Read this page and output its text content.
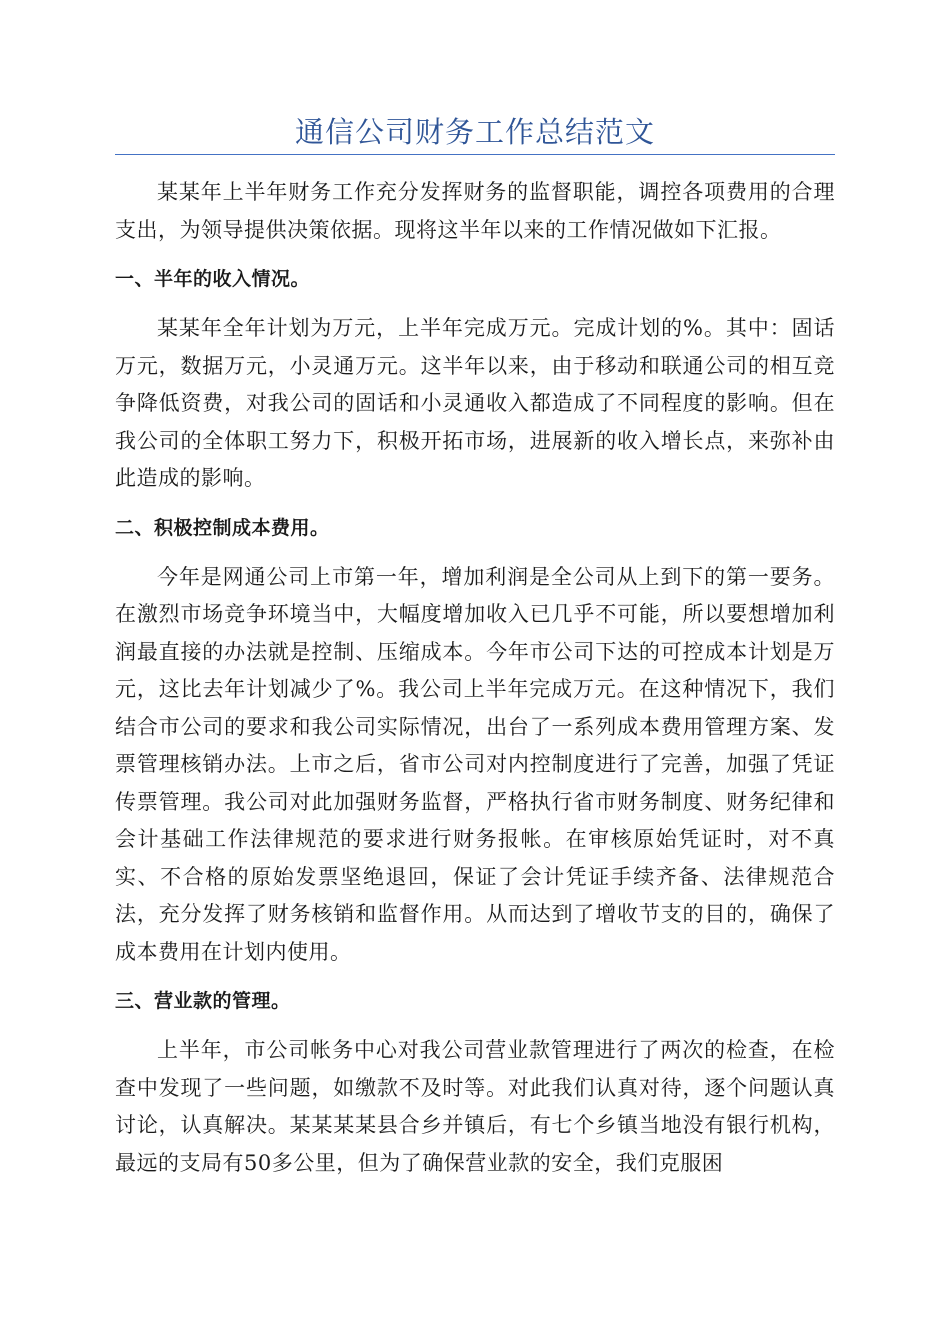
通信公司财务工作总结范文

某某年上半年财务工作充分发挥财务的监督职能，调控各项费用的合理支出，为领导提供决策依据。现将这半年以来的工作情况做如下汇报。

一、半年的收入情况。

某某年全年计划为万元，上半年完成万元。完成计划的%。其中：固话万元，数据万元，小灵通万元。这半年以来，由于移动和联通公司的相互竞争降低资费，对我公司的固话和小灵通收入都造成了不同程度的影响。但在我公司的全体职工努力下，积极开拓市场，进展新的收入增长点，来弥补由此造成的影响。

二、积极控制成本费用。

今年是网通公司上市第一年，增加利润是全公司从上到下的第一要务。在激烈市场竞争环境当中，大幅度增加收入已几乎不可能，所以要想增加利润最直接的办法就是控制、压缩成本。今年市公司下达的可控成本计划是万元，这比去年计划减少了%。我公司上半年完成万元。在这种情况下，我们结合市公司的要求和我公司实际情况，出台了一系列成本费用管理方案、发票管理核销办法。上市之后，省市公司对内控制度进行了完善，加强了凭证传票管理。我公司对此加强财务监督，严格执行省市财务制度、财务纪律和会计基础工作法律规范的要求进行财务报帐。在审核原始凭证时，对不真实、不合格的原始发票坚绝退回，保证了会计凭证手续齐备、法律规范合法，充分发挥了财务核销和监督作用。从而达到了增收节支的目的，确保了成本费用在计划内使用。

三、营业款的管理。

上半年，市公司帐务中心对我公司营业款管理进行了两次的检查，在检查中发现了一些问题，如缴款不及时等。对此我们认真对待，逐个问题认真讨论，认真解决。某某某某县合乡并镇后，有七个乡镇当地没有银行机构，最远的支局有50多公里，但为了确保营业款的安全，我们克服困
